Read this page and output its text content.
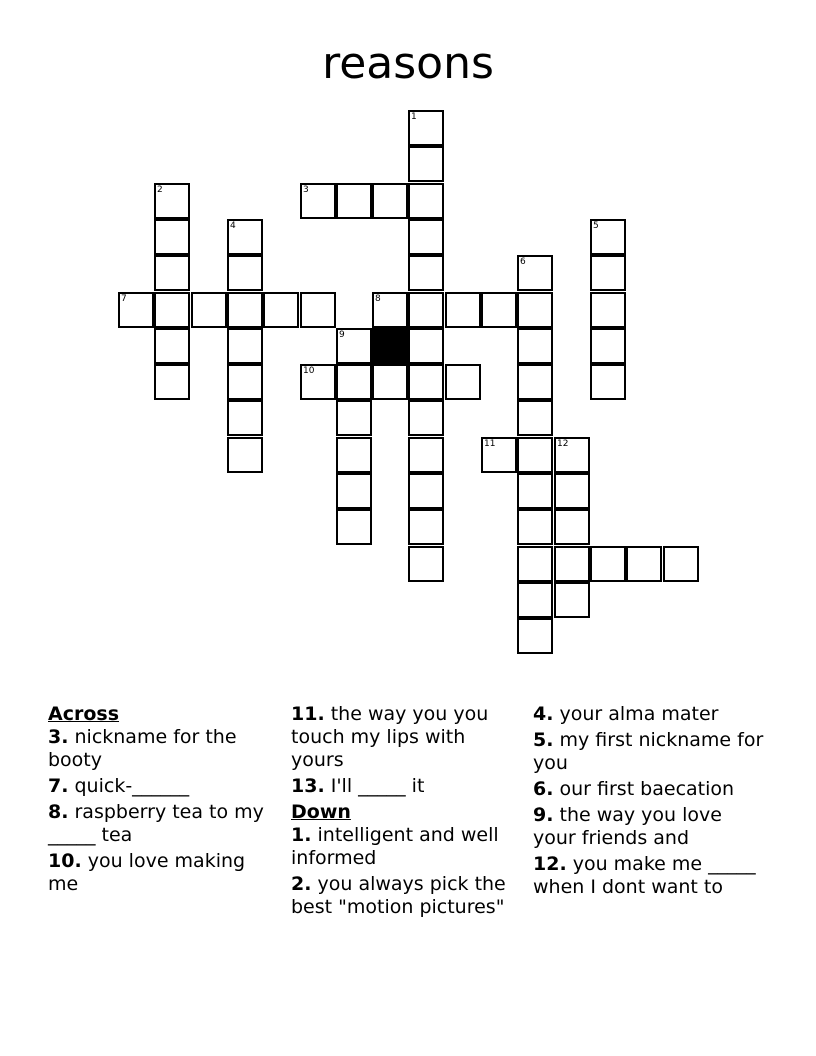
reasons
1
2	3
4	5
6
7	8
9
10
11	12
Across
3. nickname for the booty
7. quick-______
8. raspberry tea to my _____ tea
10. you love making me
11. the way you you touch my lips with yours
13. I'll _____ it
Down
1. intelligent and well informed
2. you always pick the best "motion pictures"
4. your alma mater
5. my first nickname for you
6. our first baecation
9. the way you love your friends and
12. you make me _____ when I dont want to
